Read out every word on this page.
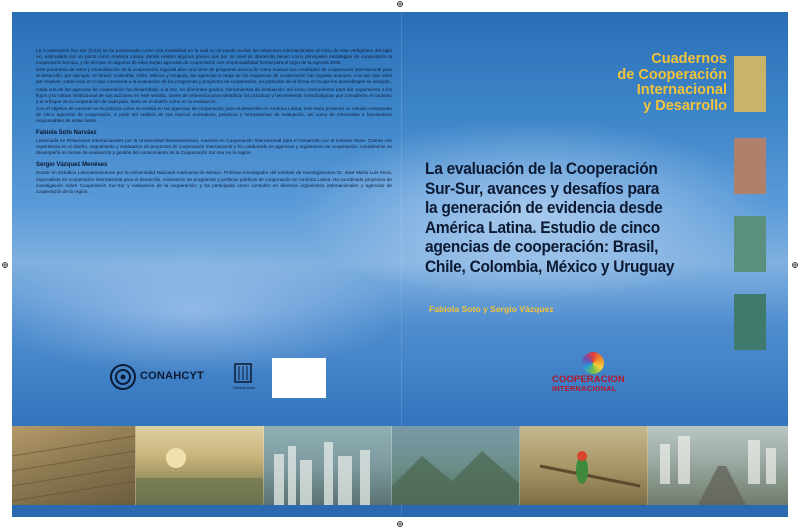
La Cooperación Sur-Sur (CSS) se ha posicionado como una modalidad en la cual no se puede excluir las relaciones internacionales al inicio de este vertiginoso del siglo xxi, estimulado por un pacto como América Latina, donde existen algunos países que por su nivel de desarrollo tienen como principales estrategias de cooperación la cooperación técnica, y de ahí que en algunos de ellos surjan agencias de cooperación con responsabilidad formal para el logro de la Agenda 2030.

Este panorama de retos y consolidación de la cooperación regional abre una serie de preguntas acerca de cómo evaluar sus resultados de cooperación internacional para el desarrollo, por ejemplo, en Brasil, Colombia, Chile, México y Uruguay, las agencias a cargo de los esquemas de cooperación han logrado avances, a la vez que retos por resolver, sobre todo en lo que concierne a la evaluación de los programas y proyectos de cooperación, en particular de la forma en la que los aprendizajes se integran.

Cada una de las agencias de cooperación ha desarrollado a la vez, en diferentes grados, herramientas de evaluación, así como instrumentos para dar seguimiento a los flujos y la cultura institucional de sus acciones en este sentido, sirven de referencia para identificar las prácticas y herramientas metodológicas que consideren el contexto y el enfoque de la cooperación de cada país, tanto en el diseño como en la evaluación.

Con el objetivo de conocer en la práctica cómo se evalúa en las agencias de cooperación para el desarrollo en América Latina, este texto presenta un estudio comparado de cinco agencias de cooperación, a partir del análisis de sus marcos normativos, prácticas y herramientas de evaluación, así como de entrevistas a funcionarios responsables de estas áreas.

Fabiola Soto Narváez

Licenciada en Relaciones Internacionales por la Universidad Iberoamericana, maestra en Cooperación Internacional para el Desarrollo por el Instituto Mora. Cuenta con experiencia en el diseño, seguimiento y evaluación de proyectos de cooperación internacional y ha colaborado en agencias y organismos de cooperación. Actualmente se desempeña en temas de evaluación y gestión del conocimiento de la Cooperación Sur-Sur en la región.

Sergio Vázquez Menéses

Doctor en Estudios Latinoamericanos por la Universidad Nacional Autónoma de México. Profesor-investigador del Instituto de Investigaciones Dr. José María Luis Mora, especialista en cooperación internacional para el desarrollo, evaluación de programas y políticas públicas de cooperación en América Latina. Ha coordinado proyectos de investigación sobre Cooperación Sur-Sur y evaluación de la cooperación, y ha participado como consultor en diversos organismos internacionales y agencias de cooperación de la región.

CONAHCYT
Instituto Mora
Cuadernos
de Cooperación
Internacional
y Desarrollo
La evaluación de la Cooperación
Sur-Sur, avances y desafíos para
la generación de evidencia desde
América Latina. Estudio de cinco
agencias de cooperación: Brasil,
Chile, Colombia, México y Uruguay
Fabiola Soto y Sergio Vázquez
COOPERACION
INTERNACIONAL
